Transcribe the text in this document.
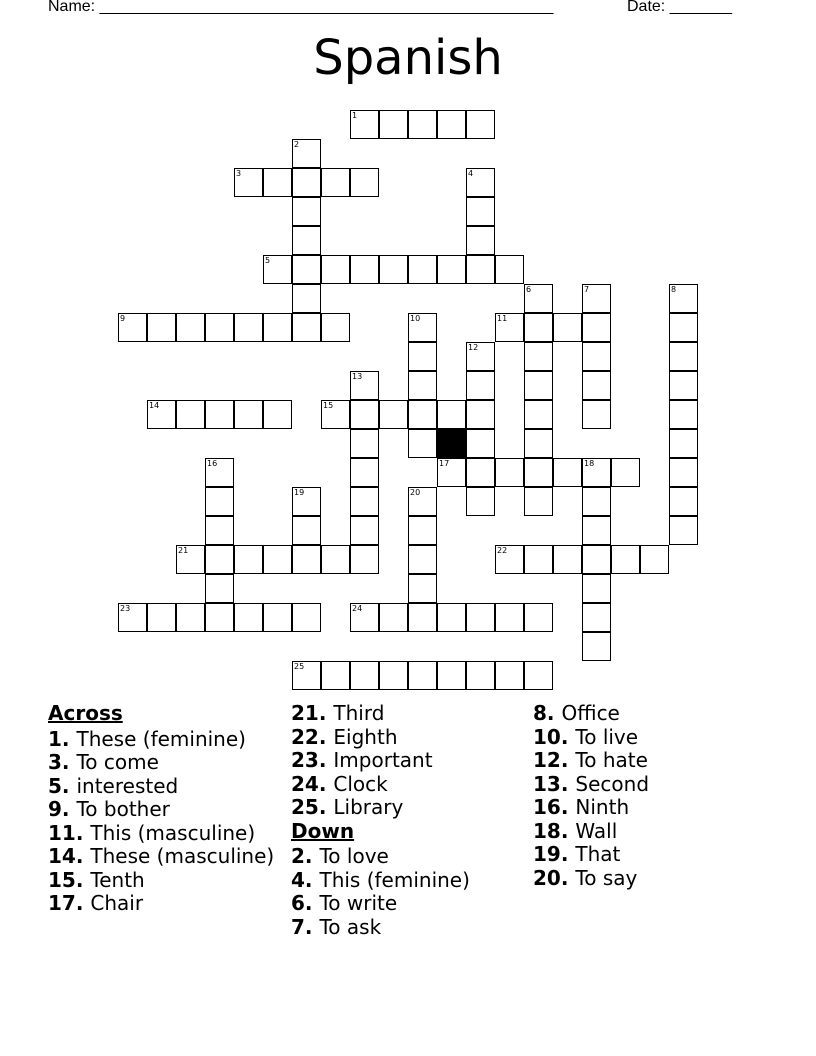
Name: ___________________________________________________	Date: _______
Spanish
1
2
3	4
5
6	7	8
9	10	11
12
13
14	15
16	17	18
19	20
21	22
23	24
25
Across
1. These (feminine)
3. To come
5. interested
9. To bother
11. This (masculine)
14. These (masculine)
15. Tenth
17. Chair
21. Third
22. Eighth
23. Important
24. Clock
25. Library
Down
2. To love
4. This (feminine)
6. To write
7. To ask
8. Office
10. To live
12. To hate
13. Second
16. Ninth
18. Wall
19. That
20. To say
